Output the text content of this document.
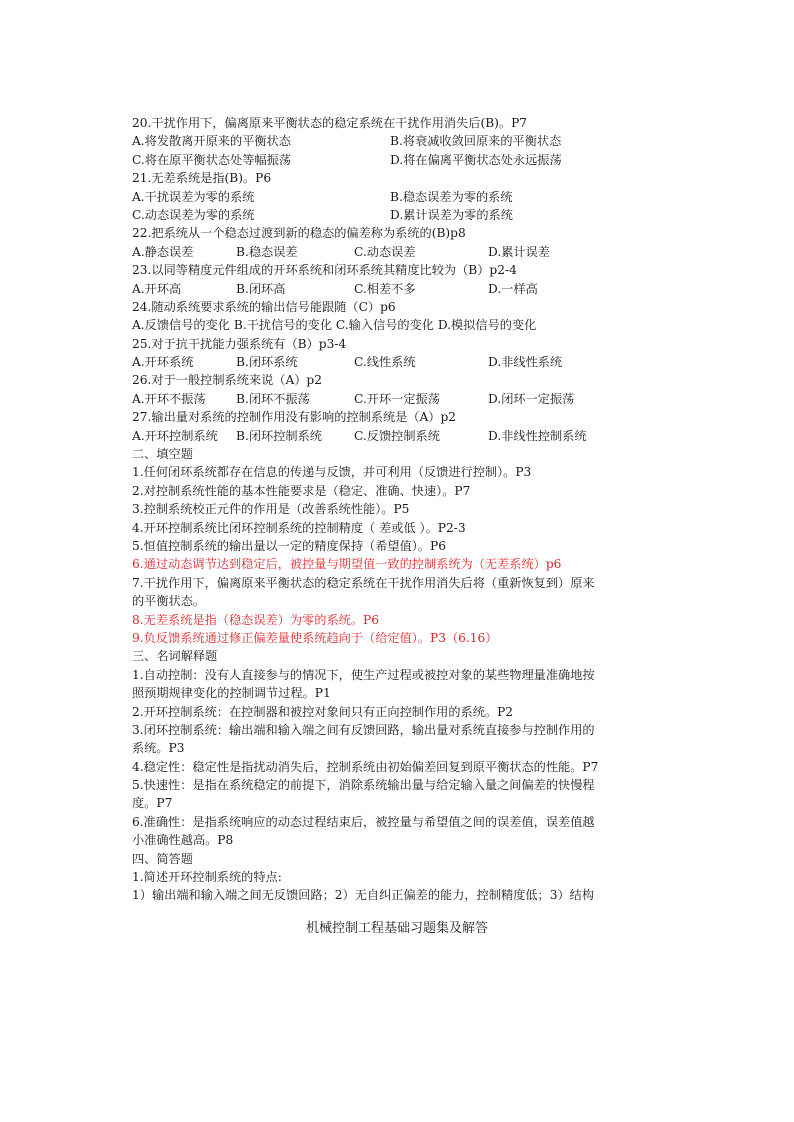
20.干扰作用下，偏离原来平衡状态的稳定系统在干扰作用消失后(B)。P7
A.将发散离开原来的平衡状态	B.将衰减收敛回原来的平衡状态
C.将在原平衡状态处等幅振荡	D.将在偏离平衡状态处永远振荡
21.无差系统是指(B)。P6
A.干扰误差为零的系统	B.稳态误差为零的系统
C.动态误差为零的系统	D.累计误差为零的系统
22.把系统从一个稳态过渡到新的稳态的偏差称为系统的(B)p8
A.静态误差	B.稳态误差	C.动态误差	D.累计误差
23.以同等精度元件组成的开环系统和闭环系统其精度比较为（B）p2-4
A.开环高	B.闭环高	C.相差不多	D.一样高
24.随动系统要求系统的输出信号能跟随（C）p6
A.反馈信号的变化 B.干扰信号的变化 C.输入信号的变化 D.模拟信号的变化
25.对于抗干扰能力强系统有（B）p3-4
A.开环系统	B.闭环系统	C.线性系统	D.非线性系统
26.对于一般控制系统来说（A）p2
A.开环不振荡	B.闭环不振荡	C.开环一定振荡	D.闭环一定振荡
27.输出量对系统的控制作用没有影响的控制系统是（A）p2
A.开环控制系统	B.闭环控制系统	C.反馈控制系统	D.非线性控制系统
二、填空题
1.任何闭环系统都存在信息的传递与反馈，并可利用（反馈进行控制）。P3
2.对控制系统性能的基本性能要求是（稳定、准确、快速）。P7
3.控制系统校正元件的作用是（改善系统性能）。P5
4.开环控制系统比闭环控制系统的控制精度（ 差或低 ）。P2-3
5.恒值控制系统的输出量以一定的精度保持（希望值）。P6
6.通过动态调节达到稳定后，被控量与期望值一致的控制系统为（无差系统）p6
7.干扰作用下，偏离原来平衡状态的稳定系统在干扰作用消失后将（重新恢复到）原来
的平衡状态。
8.无差系统是指（稳态误差）为零的系统。P6
9.负反馈系统通过修正偏差量使系统趋向于（给定值）。P3（6.16）
三、名词解释题
1.自动控制：没有人直接参与的情况下，使生产过程或被控对象的某些物理量准确地按
照预期规律变化的控制调节过程。P1
2.开环控制系统：在控制器和被控对象间只有正向控制作用的系统。P2
3.闭环控制系统：输出端和输入端之间有反馈回路，输出量对系统直接参与控制作用的
系统。P3
4.稳定性：稳定性是指扰动消失后，控制系统由初始偏差回复到原平衡状态的性能。P7
5.快速性：是指在系统稳定的前提下，消除系统输出量与给定输入量之间偏差的快慢程
度。P7
6.准确性：是指系统响应的动态过程结束后，被控量与希望值之间的误差值，误差值越
小准确性越高。P8
四、简答题
1.简述开环控制系统的特点:
1）输出端和输入端之间无反馈回路；2）无自纠正偏差的能力，控制精度低；3）结构
机械控制工程基础习题集及解答
